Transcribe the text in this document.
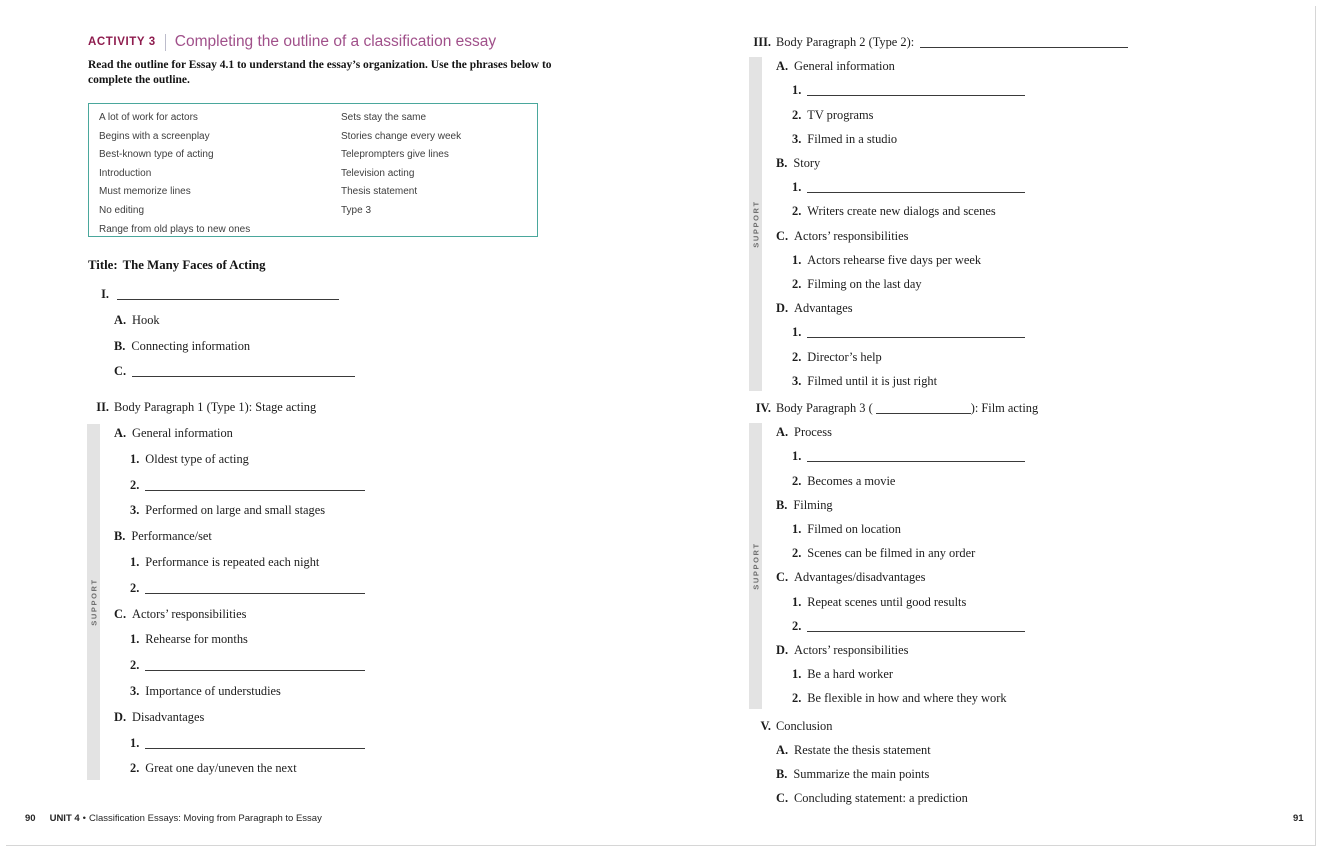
ACTIVITY 3 Completing the outline of a classification essay
Read the outline for Essay 4.1 to understand the essay’s organization. Use the phrases below to complete the outline.
A lot of work for actors
Begins with a screenplay
Best-known type of acting
Introduction
Must memorize lines
No editing
Range from old plays to new ones
Sets stay the same
Stories change every week
Teleprompters give lines
Television acting
Thesis statement
Type 3
Title: The Many Faces of Acting
I.
A. Hook
B. Connecting information
C.
II. Body Paragraph 1 (Type 1): Stage acting
SUPPORT
A. General information
1. Oldest type of acting
2.
3. Performed on large and small stages
B. Performance/set
1. Performance is repeated each night
2.
C. Actors’ responsibilities
1. Rehearse for months
2.
3. Importance of understudies
D. Disadvantages
1.
2. Great one day/uneven the next
90 UNIT 4 • Classification Essays: Moving from Paragraph to Essay
III. Body Paragraph 2 (Type 2):
SUPPORT
A. General information
1.
2. TV programs
3. Filmed in a studio
B. Story
1.
2. Writers create new dialogs and scenes
C. Actors’ responsibilities
1. Actors rehearse five days per week
2. Filming on the last day
D. Advantages
1.
2. Director’s help
3. Filmed until it is just right
IV. Body Paragraph 3 (	): Film acting
SUPPORT
A. Process
1.
2. Becomes a movie
B. Filming
1. Filmed on location
2. Scenes can be filmed in any order
C. Advantages/disadvantages
1. Repeat scenes until good results
2.
D. Actors’ responsibilities
1. Be a hard worker
2. Be flexible in how and where they work
V. Conclusion
A. Restate the thesis statement
B. Summarize the main points
C. Concluding statement: a prediction
91
